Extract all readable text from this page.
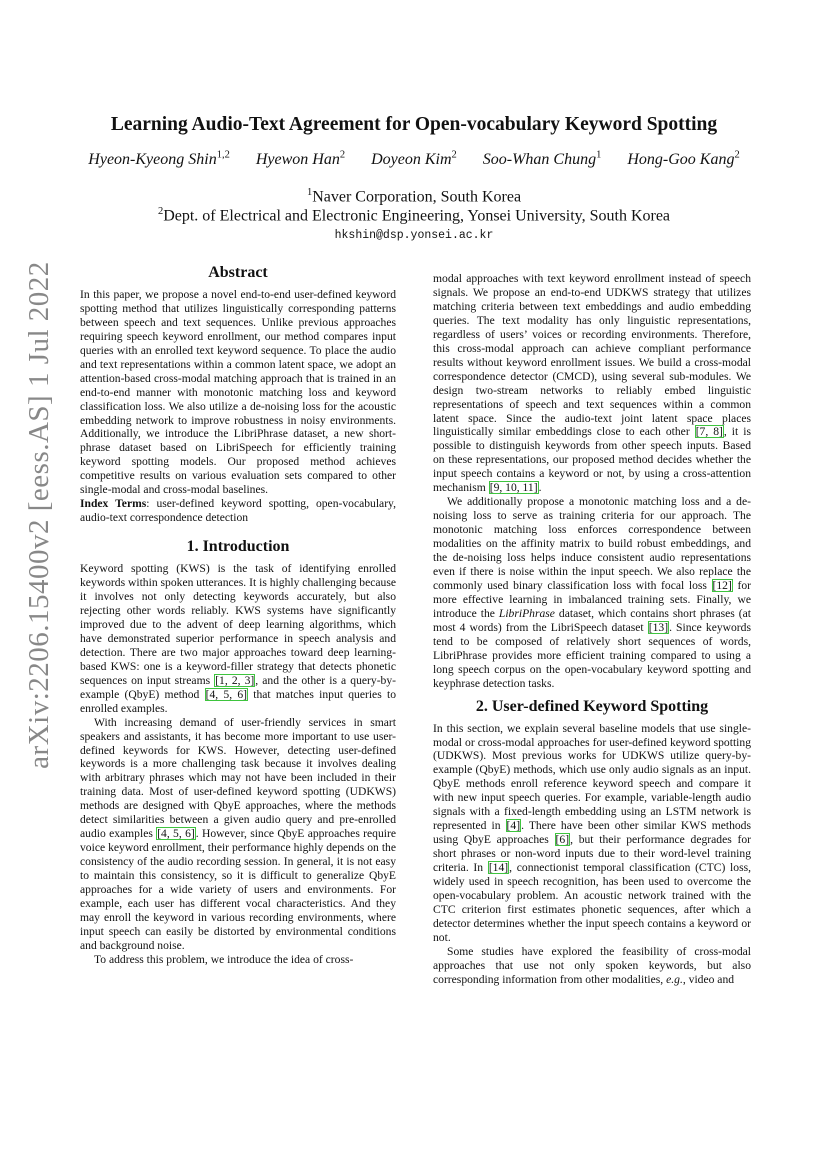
arXiv:2206.15400v2 [eess.AS] 1 Jul 2022
Learning Audio-Text Agreement for Open-vocabulary Keyword Spotting
Hyeon-Kyeong Shin$^{1,2}$ Hyewon Han$^2$ Doyeon Kim$^2$ Soo-Whan Chung$^1$ Hong-Goo Kang$^2$
$^1$Naver Corporation, South Korea
$^2$Dept. of Electrical and Electronic Engineering, Yonsei University, South Korea
hkshin@dsp.yonsei.ac.kr
Abstract

In this paper, we propose a novel end-to-end user-defined keyword spotting method that utilizes linguistically corresponding patterns between speech and text sequences. Unlike previous approaches requiring speech keyword enrollment, our method compares input queries with an enrolled text keyword sequence. To place the audio and text representations within a common latent space, we adopt an attention-based cross-modal matching approach that is trained in an end-to-end manner with monotonic matching loss and keyword classification loss. We also utilize a de-noising loss for the acoustic embedding network to improve robustness in noisy environments. Additionally, we introduce the LibriPhrase dataset, a new short-phrase dataset based on LibriSpeech for efficiently training keyword spotting models. Our proposed method achieves competitive results on various evaluation sets compared to other single-modal and cross-modal baselines.

Index Terms: user-defined keyword spotting, open-vocabulary, audio-text correspondence detection

1. Introduction

Keyword spotting (KWS) is the task of identifying enrolled keywords within spoken utterances. It is highly challenging because it involves not only detecting keywords accurately, but also rejecting other words reliably. KWS systems have significantly improved due to the advent of deep learning algorithms, which have demonstrated superior performance in speech analysis and detection. There are two major approaches toward deep learning-based KWS: one is a keyword-filler strategy that detects phonetic sequences on input streams [1, 2, 3], and the other is a query-by-example (QbyE) method [4, 5, 6] that matches input queries to enrolled examples.

With increasing demand of user-friendly services in smart speakers and assistants, it has become more important to use user-defined keywords for KWS. However, detecting user-defined keywords is a more challenging task because it involves dealing with arbitrary phrases which may not have been included in their training data. Most of user-defined keyword spotting (UDKWS) methods are designed with QbyE approaches, where the methods detect similarities between a given audio query and pre-enrolled audio examples [4, 5, 6]. However, since QbyE approaches require voice keyword enrollment, their performance highly depends on the consistency of the audio recording session. In general, it is not easy to maintain this consistency, so it is difficult to generalize QbyE approaches for a wide variety of users and environments. For example, each user has different vocal characteristics. And they may enroll the keyword in various recording environments, where input speech can easily be distorted by environmental conditions and background noise.

To address this problem, we introduce the idea of cross-

modal approaches with text keyword enrollment instead of speech signals. We propose an end-to-end UDKWS strategy that utilizes matching criteria between text embeddings and audio embedding queries. The text modality has only linguistic representations, regardless of users’ voices or recording environments. Therefore, this cross-modal approach can achieve compliant performance results without keyword enrollment issues. We build a cross-modal correspondence detector (CMCD), using several sub-modules. We design two-stream networks to reliably embed linguistic representations of speech and text sequences within a common latent space. Since the audio-text joint latent space places linguistically similar embeddings close to each other [7, 8], it is possible to distinguish keywords from other speech inputs. Based on these representations, our proposed method decides whether the input speech contains a keyword or not, by using a cross-attention mechanism [9, 10, 11].

We additionally propose a monotonic matching loss and a de-noising loss to serve as training criteria for our approach. The monotonic matching loss enforces correspondence between modalities on the affinity matrix to build robust embeddings, and the de-noising loss helps induce consistent audio representations even if there is noise within the input speech. We also replace the commonly used binary classification loss with focal loss [12] for more effective learning in imbalanced training sets. Finally, we introduce the LibriPhrase dataset, which contains short phrases (at most 4 words) from the LibriSpeech dataset [13]. Since keywords tend to be composed of relatively short sequences of words, LibriPhrase provides more efficient training compared to using a long speech corpus on the open-vocabulary keyword spotting and keyphrase detection tasks.

2. User-defined Keyword Spotting

In this section, we explain several baseline models that use single-modal or cross-modal approaches for user-defined keyword spotting (UDKWS). Most previous works for UDKWS utilize query-by-example (QbyE) methods, which use only audio signals as an input. QbyE methods enroll reference keyword speech and compare it with new input speech queries. For example, variable-length audio signals with a fixed-length embedding using an LSTM network is represented in [4]. There have been other similar KWS methods using QbyE approaches [6], but their performance degrades for short phrases or non-word inputs due to their word-level training criteria. In [14], connectionist temporal classification (CTC) loss, widely used in speech recognition, has been used to overcome the open-vocabulary problem. An acoustic network trained with the CTC criterion first estimates phonetic sequences, after which a detector determines whether the input speech contains a keyword or not.

Some studies have explored the feasibility of cross-modal approaches that use not only spoken keywords, but also corresponding information from other modalities, e.g., video and
